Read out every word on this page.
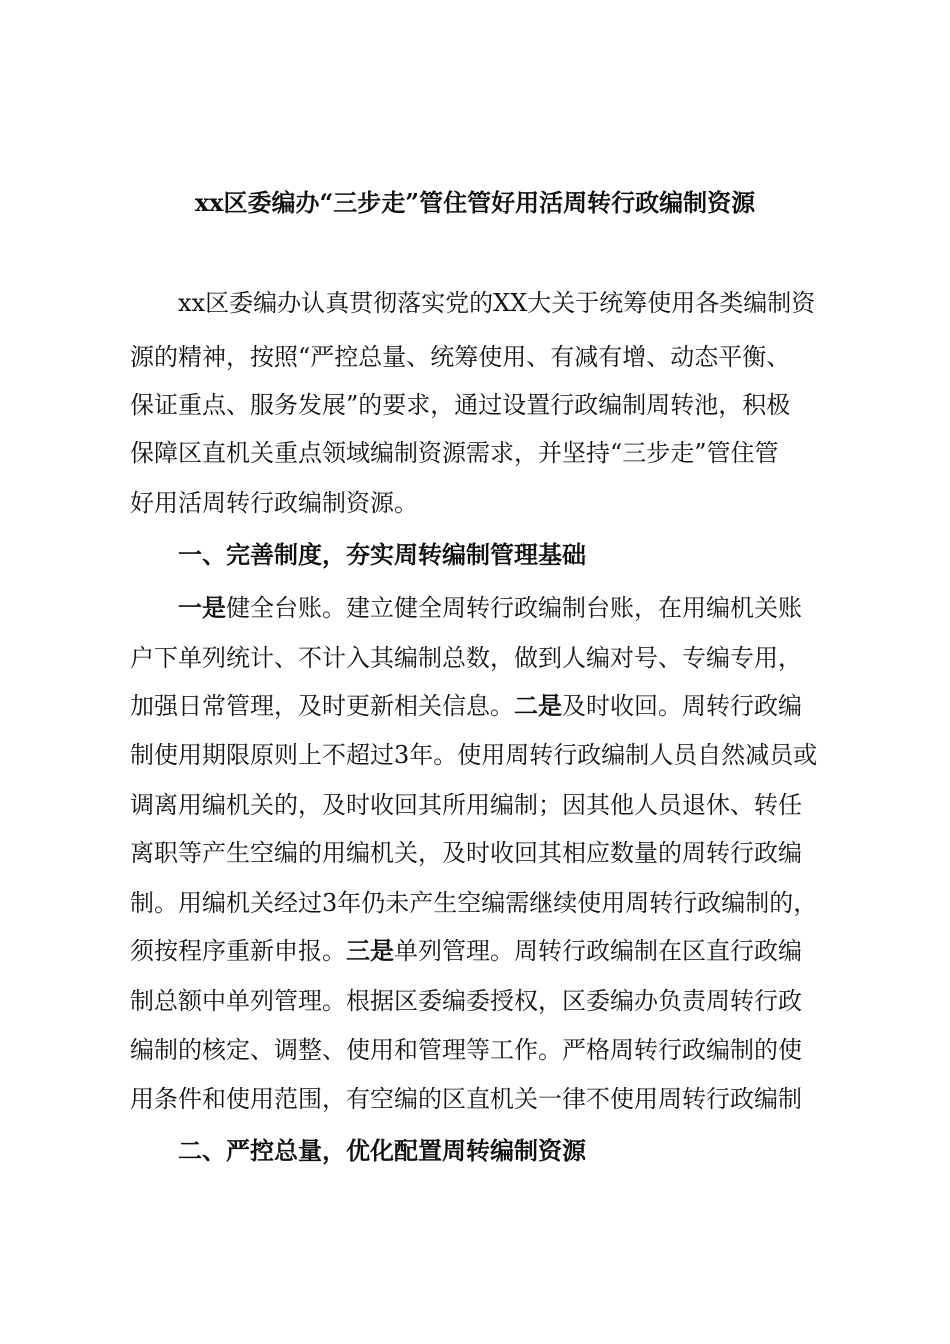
xx区委编办“三步走”管住管好用活周转行政编制资源
xx区委编办认真贯彻落实党的XX大关于统筹使用各类编制资
源的精神，按照“严控总量、统筹使用、有减有增、动态平衡、
保证重点、服务发展”的要求，通过设置行政编制周转池，积极
保障区直机关重点领域编制资源需求，并坚持“三步走”管住管
好用活周转行政编制资源。
一、完善制度，夯实周转编制管理基础
一是健全台账。建立健全周转行政编制台账，在用编机关账
户下单列统计、不计入其编制总数，做到人编对号、专编专用，
加强日常管理，及时更新相关信息。二是及时收回。周转行政编
制使用期限原则上不超过3年。使用周转行政编制人员自然减员或
调离用编机关的，及时收回其所用编制；因其他人员退休、转任
离职等产生空编的用编机关，及时收回其相应数量的周转行政编
制。用编机关经过3年仍未产生空编需继续使用周转行政编制的，
须按程序重新申报。三是单列管理。周转行政编制在区直行政编
制总额中单列管理。根据区委编委授权，区委编办负责周转行政
编制的核定、调整、使用和管理等工作。严格周转行政编制的使
用条件和使用范围，有空编的区直机关一律不使用周转行政编制
二、严控总量，优化配置周转编制资源
